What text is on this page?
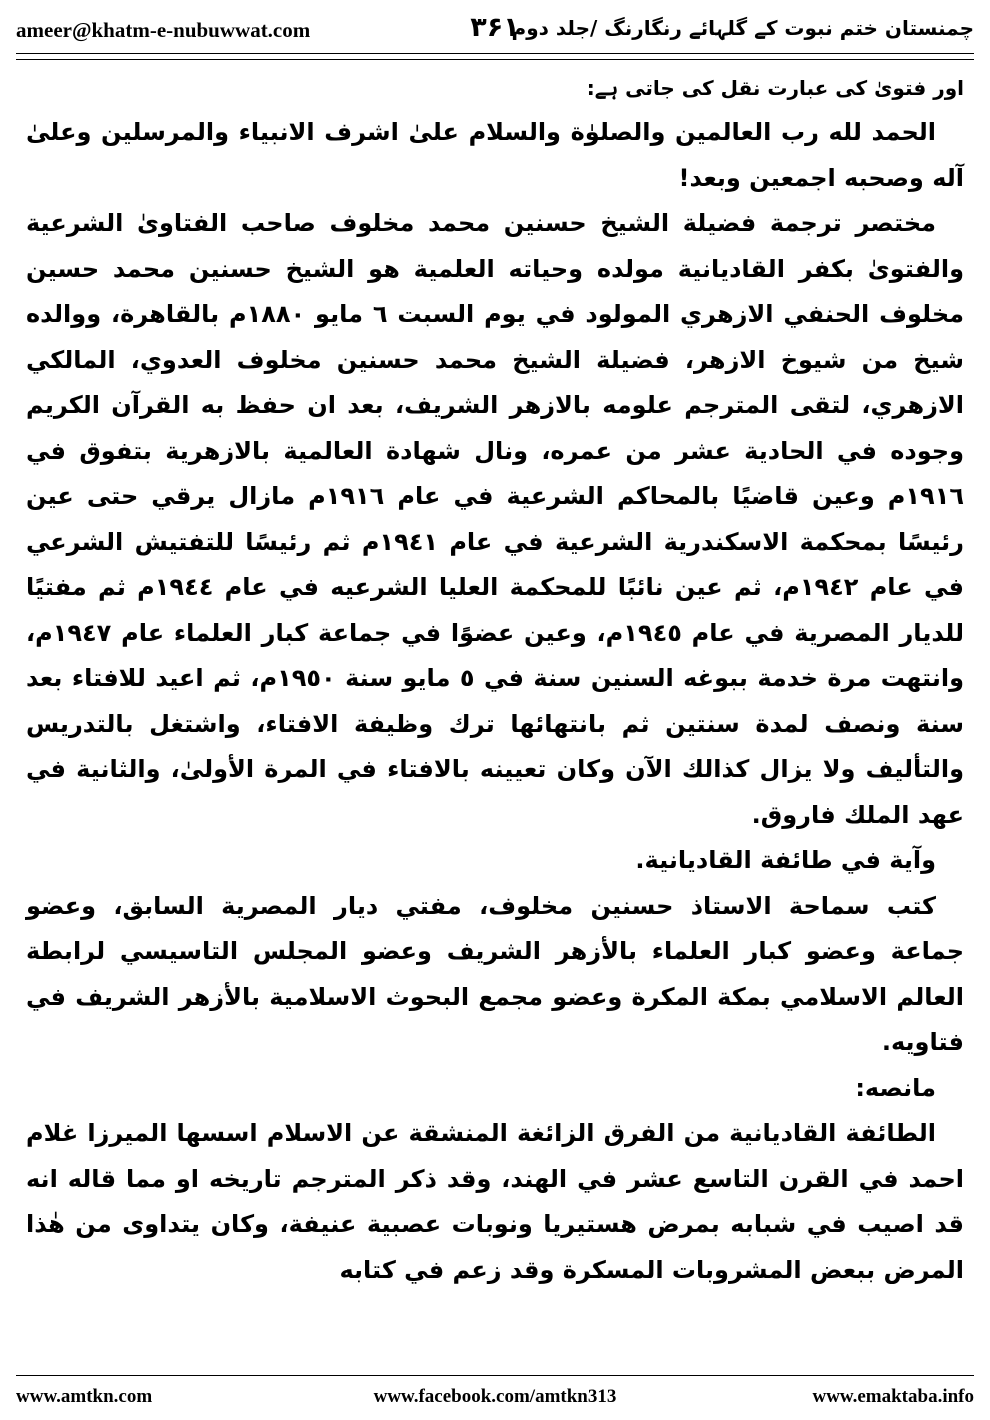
ameer@khatm-e-nubuwwat.com	۳۶۱
چمنستان ختم نبوت کے گلہائے رنگارنگ /جلد دوم

اور فتویٰ کی عبارت نقل کی جاتی ہے:

الحمد لله رب العالمين والصلوٰة والسلام علىٰ اشرف الانبياء والمرسلين وعلىٰ آله وصحبه اجمعين وبعد!

مختصر ترجمة فضيلة الشيخ حسنين محمد مخلوف صاحب الفتاوىٰ الشرعية والفتوىٰ بكفر القاديانية مولده وحياته العلمية هو الشيخ حسنين محمد حسين مخلوف الحنفي الازهري المولود في يوم السبت ٦ مايو ۱۸۸۰م بالقاهرة، ووالده شيخ من شيوخ الازهر، فضيلة الشيخ محمد حسنين مخلوف العدوي، المالكي الازهري، لتقى المترجم علومه بالازهر الشريف، بعد ان حفظ به القرآن الكريم وجوده في الحادية عشر من عمره، ونال شهادة العالمية بالازهرية بتفوق في ۱۹۱٦م وعين قاضيًا بالمحاكم الشرعية في عام ۱۹۱٦م مازال يرقي حتى عين رئيسًا بمحكمة الاسكندرية الشرعية في عام ۱۹٤۱م ثم رئيسًا للتفتيش الشرعي في عام ۱۹٤۲م، ثم عين نائبًا للمحكمة العليا الشرعيه في عام ۱۹٤٤م ثم مفتيًا للديار المصرية في عام ۱۹٤٥م، وعين عضوًا في جماعة كبار العلماء عام ۱۹٤۷م، وانتهت مرة خدمة ببوغه السنين سنة في ٥ مايو سنة ۱۹٥۰م، ثم اعيد للافتاء بعد سنة ونصف لمدة سنتين ثم بانتهائها ترك وظيفة الافتاء، واشتغل بالتدريس والتأليف ولا يزال كذالك الآن وكان تعيينه بالافتاء في المرة الأولىٰ، والثانية في عهد الملك فاروق.

وآية في طائفة القاديانية.

كتب سماحة الاستاذ حسنين مخلوف، مفتي ديار المصرية السابق، وعضو جماعة وعضو كبار العلماء بالأزهر الشريف وعضو المجلس التاسيسي لرابطة العالم الاسلامي بمكة المكرة وعضو مجمع البحوث الاسلامية بالأزهر الشريف في فتاويه.

مانصه:

الطائفة القاديانية من الفرق الزائغة المنشقة عن الاسلام اسسها الميرزا غلام احمد في القرن التاسع عشر في الهند، وقد ذكر المترجم تاريخه او مما قاله انه قد اصيب في شبابه بمرض هستيريا ونوبات عصبية عنيفة، وكان يتداوى من هٰذا المرض ببعض المشروبات المسكرة وقد زعم في كتابه

www.amtkn.com	www.facebook.com/amtkn313	www.emaktaba.info
